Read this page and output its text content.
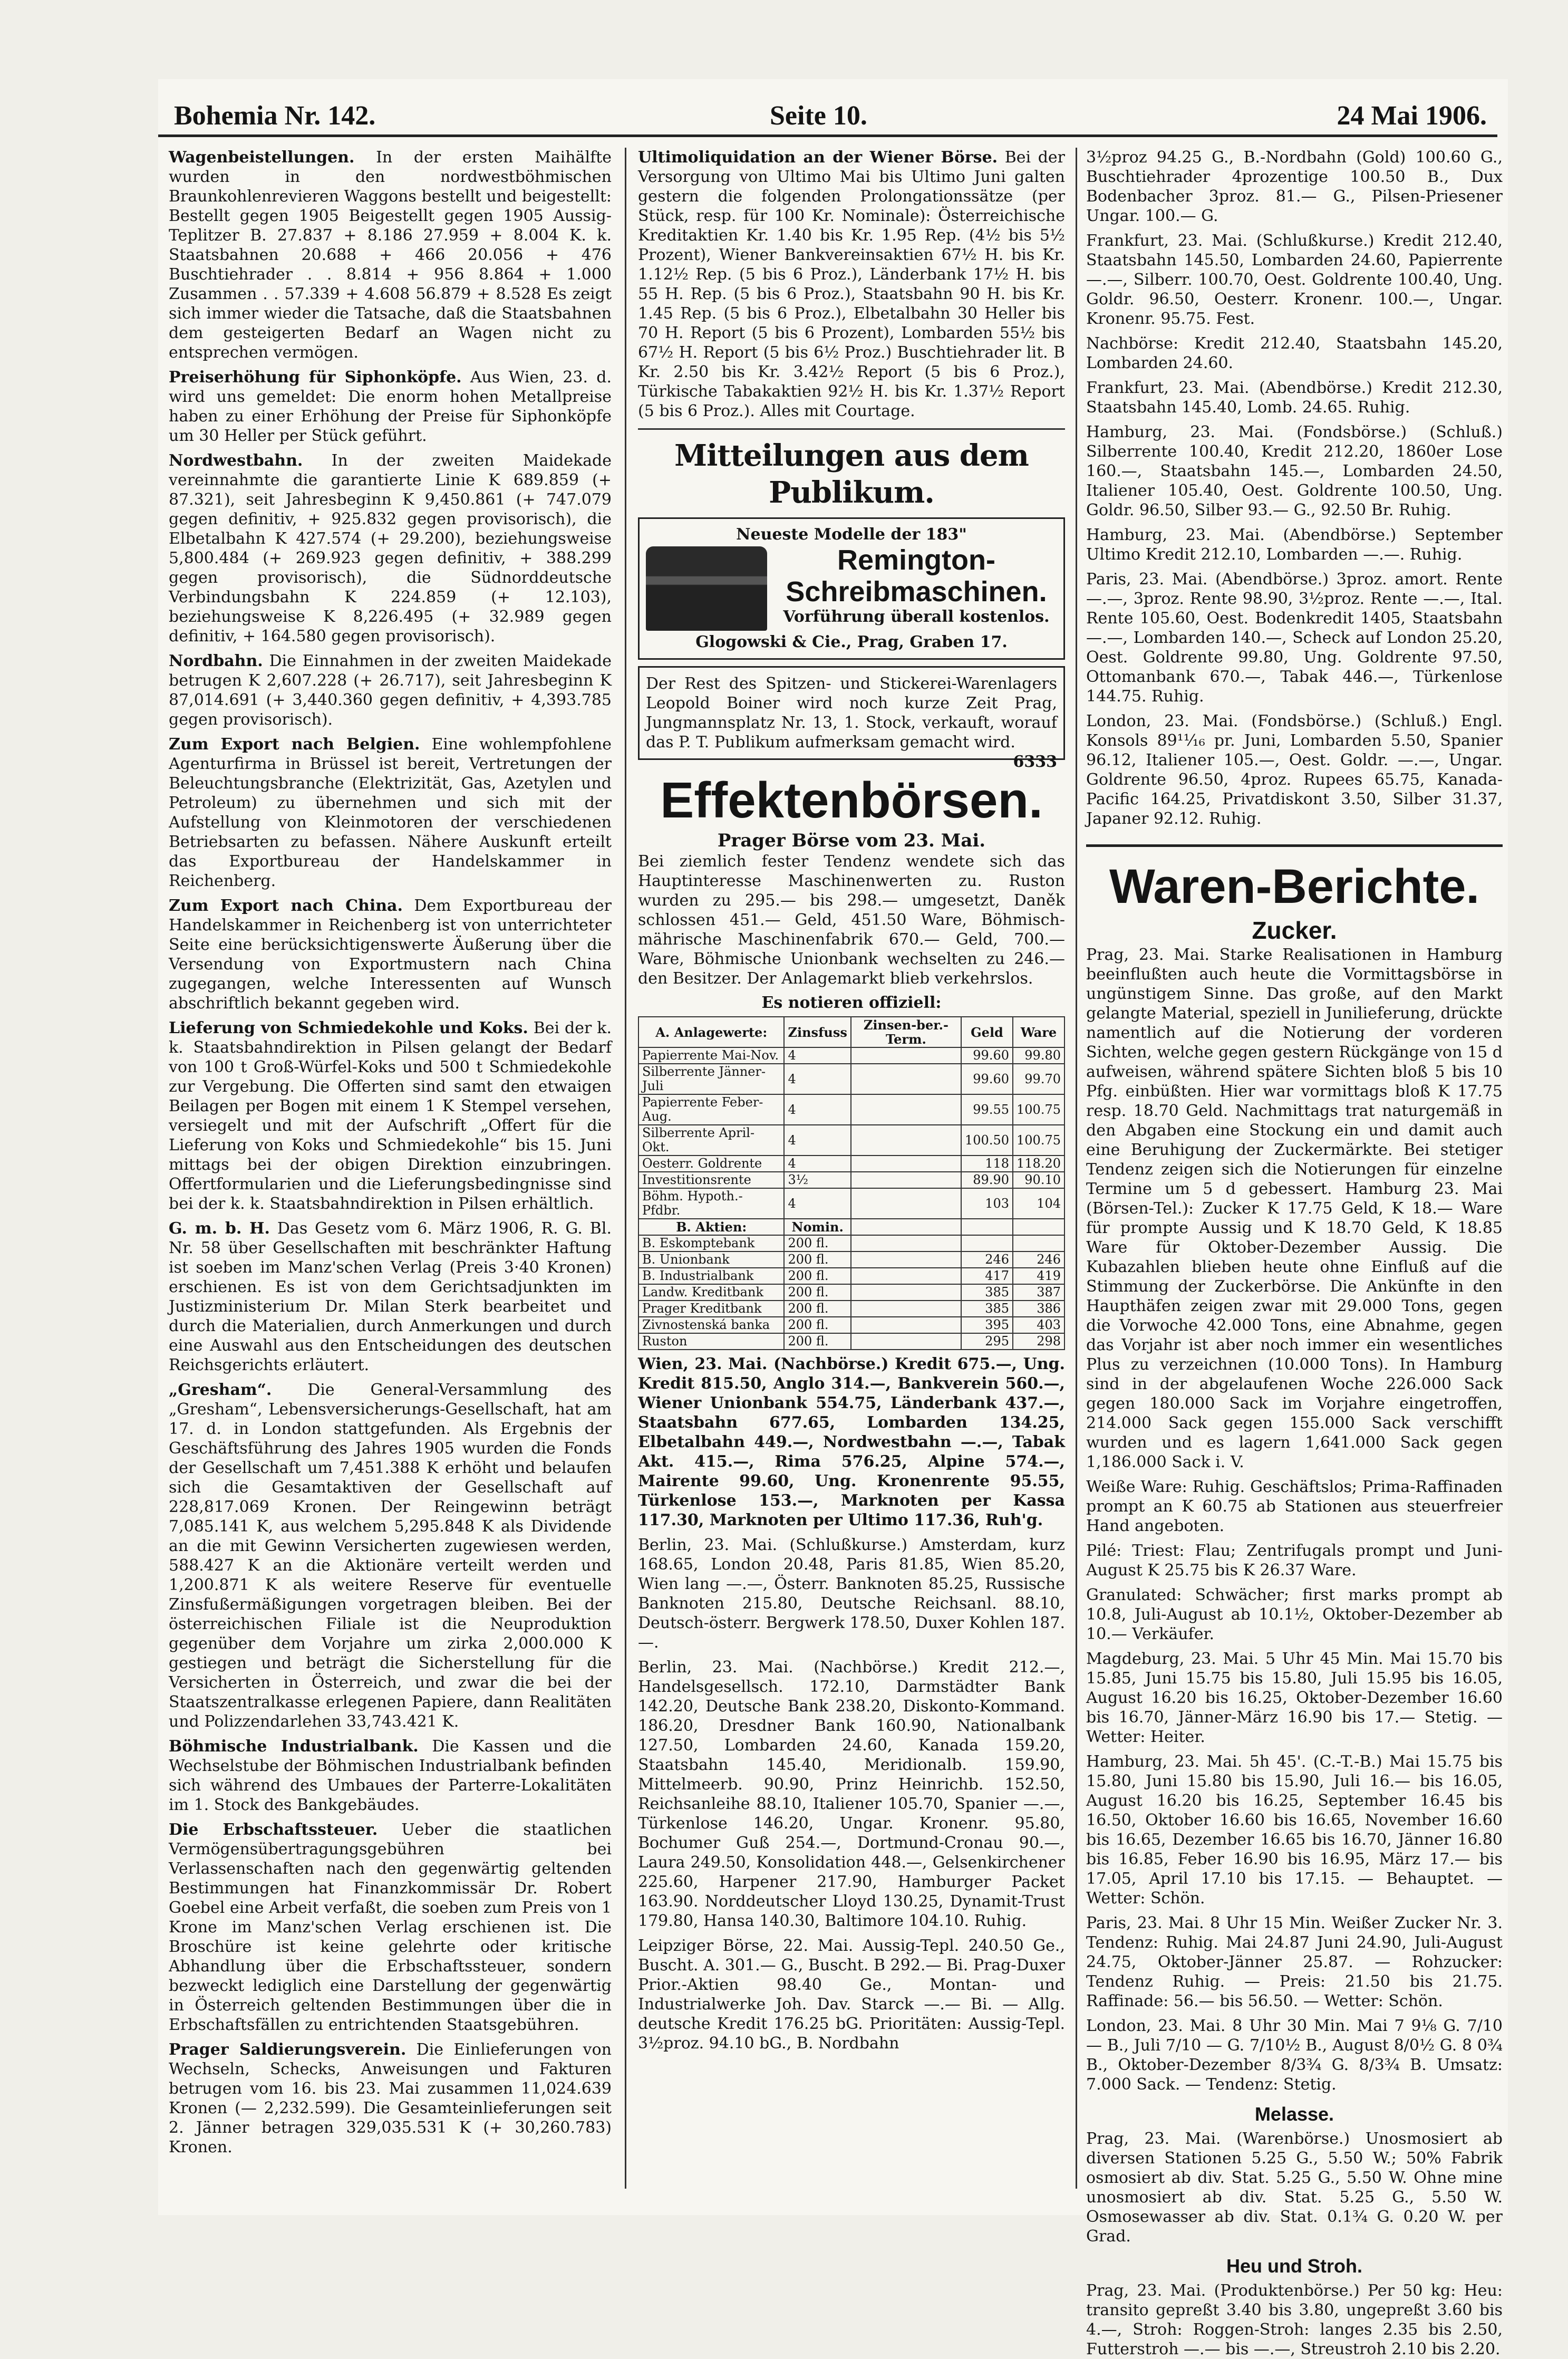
Bohemia Nr. 142.	Seite 10.	24 Mai 1906.
Wagenbeistellungen. In der ersten Maihälfte wurden in den nordwestböhmischen Braunkohlenrevieren Waggons bestellt und beigestellt: Bestellt gegen 1905 Beigestellt gegen 1905 Aussig-Teplitzer B. 27.837 + 8.186 27.959 + 8.004 K. k. Staatsbahnen 20.688 + 466 20.056 + 476 Buschtiehrader . . 8.814 + 956 8.864 + 1.000 Zusammen . . 57.339 + 4.608 56.879 + 8.528 Es zeigt sich immer wieder die Tatsache, daß die Staatsbahnen dem gesteigerten Bedarf an Wagen nicht zu entsprechen vermögen.
Preiserhöhung für Siphonköpfe. Aus Wien, 23. d. wird uns gemeldet: Die enorm hohen Metallpreise haben zu einer Erhöhung der Preise für Siphonköpfe um 30 Heller per Stück geführt.
Nordwestbahn. In der zweiten Maidekade vereinnahmte die garantierte Linie K 689.859 (+ 87.321), seit Jahresbeginn K 9,450.861 (+ 747.079 gegen definitiv, + 925.832 gegen provisorisch), die Elbetalbahn K 427.574 (+ 29.200), beziehungsweise 5,800.484 (+ 269.923 gegen definitiv, + 388.299 gegen provisorisch), die Südnorddeutsche Verbindungsbahn K 224.859 (+ 12.103), beziehungsweise K 8,226.495 (+ 32.989 gegen definitiv, + 164.580 gegen provisorisch).
Nordbahn. Die Einnahmen in der zweiten Maidekade betrugen K 2,607.228 (+ 26.717), seit Jahresbeginn K 87,014.691 (+ 3,440.360 gegen definitiv, + 4,393.785 gegen provisorisch).
Zum Export nach Belgien. Eine wohlempfohlene Agenturfirma in Brüssel ist bereit, Vertretungen der Beleuchtungsbranche (Elektrizität, Gas, Azetylen und Petroleum) zu übernehmen und sich mit der Aufstellung von Kleinmotoren der verschiedenen Betriebsarten zu befassen. Nähere Auskunft erteilt das Exportbureau der Handelskammer in Reichenberg.
Zum Export nach China. Dem Exportbureau der Handelskammer in Reichenberg ist von unterrichteter Seite eine berücksichtigenswerte Äußerung über die Versendung von Exportmustern nach China zugegangen, welche Interessenten auf Wunsch abschriftlich bekannt gegeben wird.
Lieferung von Schmiedekohle und Koks. Bei der k. k. Staatsbahndirektion in Pilsen gelangt der Bedarf von 100 t Groß-Würfel-Koks und 500 t Schmiedekohle zur Vergebung. Die Offerten sind samt den etwaigen Beilagen per Bogen mit einem 1 K Stempel versehen, versiegelt und mit der Aufschrift „Offert für die Lieferung von Koks und Schmiedekohle“ bis 15. Juni mittags bei der obigen Direktion einzubringen. Offertformularien und die Lieferungsbedingnisse sind bei der k. k. Staatsbahndirektion in Pilsen erhältlich.
G. m. b. H. Das Gesetz vom 6. März 1906, R. G. Bl. Nr. 58 über Gesellschaften mit beschränkter Haftung ist soeben im Manz'schen Verlag (Preis 3·40 Kronen) erschienen. Es ist von dem Gerichtsadjunkten im Justizministerium Dr. Milan Sterk bearbeitet und durch die Materialien, durch Anmerkungen und durch eine Auswahl aus den Entscheidungen des deutschen Reichsgerichts erläutert.
„Gresham“. Die General-Versammlung des „Gresham“, Lebensversicherungs-Gesellschaft, hat am 17. d. in London stattgefunden. Als Ergebnis der Geschäftsführung des Jahres 1905 wurden die Fonds der Gesellschaft um 7,451.388 K erhöht und belaufen sich die Gesamtaktiven der Gesellschaft auf 228,817.069 Kronen. Der Reingewinn beträgt 7,085.141 K, aus welchem 5,295.848 K als Dividende an die mit Gewinn Versicherten zugewiesen werden, 588.427 K an die Aktionäre verteilt werden und 1,200.871 K als weitere Reserve für eventuelle Zinsfußermäßigungen vorgetragen bleiben. Bei der österreichischen Filiale ist die Neuproduktion gegenüber dem Vorjahre um zirka 2,000.000 K gestiegen und beträgt die Sicherstellung für die Versicherten in Österreich, und zwar die bei der Staatszentralkasse erlegenen Papiere, dann Realitäten und Polizzendarlehen 33,743.421 K.
Böhmische Industrialbank. Die Kassen und die Wechselstube der Böhmischen Industrialbank befinden sich während des Umbaues der Parterre-Lokalitäten im 1. Stock des Bankgebäudes.
Die Erbschaftssteuer. Ueber die staatlichen Vermögensübertragungsgebühren bei Verlassenschaften nach den gegenwärtig geltenden Bestimmungen hat Finanzkommissär Dr. Robert Goebel eine Arbeit verfaßt, die soeben zum Preis von 1 Krone im Manz'schen Verlag erschienen ist. Die Broschüre ist keine gelehrte oder kritische Abhandlung über die Erbschaftssteuer, sondern bezweckt lediglich eine Darstellung der gegenwärtig in Österreich geltenden Bestimmungen über die in Erbschaftsfällen zu entrichtenden Staatsgebühren.
Prager Saldierungsverein. Die Einlieferungen von Wechseln, Schecks, Anweisungen und Fakturen betrugen vom 16. bis 23. Mai zusammen 11,024.639 Kronen (— 2,232.599). Die Gesamteinlieferungen seit 2. Jänner betragen 329,035.531 K (+ 30,260.783) Kronen.
Ultimoliquidation an der Wiener Börse. Bei der Versorgung von Ultimo Mai bis Ultimo Juni galten gestern die folgenden Prolongationssätze (per Stück, resp. für 100 Kr. Nominale): Österreichische Kreditaktien Kr. 1.40 bis Kr. 1.95 Rep. (4½ bis 5½ Prozent), Wiener Bankvereinsaktien 67½ H. bis Kr. 1.12½ Rep. (5 bis 6 Proz.), Länderbank 17½ H. bis 55 H. Rep. (5 bis 6 Proz.), Staatsbahn 90 H. bis Kr. 1.45 Rep. (5 bis 6 Proz.), Elbetalbahn 30 Heller bis 70 H. Report (5 bis 6 Prozent), Lombarden 55½ bis 67½ H. Report (5 bis 6½ Proz.) Buschtiehrader lit. B Kr. 2.50 bis Kr. 3.42½ Report (5 bis 6 Proz.), Türkische Tabakaktien 92½ H. bis Kr. 1.37½ Report (5 bis 6 Proz.). Alles mit Courtage.
Mitteilungen aus dem Publikum.
Neueste Modelle der 183"
Remington-Schreibmaschinen.
Vorführung überall kostenlos.
Glogowski & Cie., Prag, Graben 17.
Der Rest des Spitzen- und Stickerei-Warenlagers Leopold Boiner wird noch kurze Zeit Prag, Jungmannsplatz Nr. 13, 1. Stock, verkauft, worauf das P. T. Publikum aufmerksam gemacht wird.
6333
Effektenbörsen.
Prager Börse vom 23. Mai.
Bei ziemlich fester Tendenz wendete sich das Hauptinteresse Maschinenwerten zu. Ruston wurden zu 295.— bis 298.— umgesetzt, Daněk schlossen 451.— Geld, 451.50 Ware, Böhmisch-mährische Maschinenfabrik 670.— Geld, 700.— Ware, Böhmische Unionbank wechselten zu 246.— den Besitzer. Der Anlagemarkt blieb verkehrslos.
Es notieren offiziell:
A. Anlagewerte:	Zinsfuss	Zinsen-ber.-Term.	Geld	Ware
Papierrente Mai-Nov.	4		99.60	99.80
Silberrente Jänner-Juli	4		99.60	99.70
Papierrente Feber-Aug.	4		99.55	100.75
Silberrente April-Okt.	4		100.50	100.75
Oesterr. Goldrente	4		118	118.20
Investitionsrente	3½		89.90	90.10
Böhm. Hypoth.-Pfdbr.	4		103	104
B. Aktien:	Nomin.			
B. Eskomptebank	200 fl.			
B. Unionbank	200 fl.		246	246
B. Industrialbank	200 fl.		417	419
Landw. Kreditbank	200 fl.		385	387
Prager Kreditbank	200 fl.		385	386
Zivnostenská banka	200 fl.		395	403
Ruston	200 fl.		295	298
Wien, 23. Mai. (Nachbörse.) Kredit 675.—, Ung. Kredit 815.50, Anglo 314.—, Bankverein 560.—, Wiener Unionbank 554.75, Länderbank 437.—, Staatsbahn 677.65, Lombarden 134.25, Elbetalbahn 449.—, Nordwestbahn —.—, Tabak Akt. 415.—, Rima 576.25, Alpine 574.—, Mairente 99.60, Ung. Kronenrente 95.55, Türkenlose 153.—, Marknoten per Kassa 117.30, Marknoten per Ultimo 117.36, Ruh'g.
Berlin, 23. Mai. (Schlußkurse.) Amsterdam, kurz 168.65, London 20.48, Paris 81.85, Wien 85.20, Wien lang —.—, Österr. Banknoten 85.25, Russische Banknoten 215.80, Deutsche Reichsanl. 88.10, Deutsch-österr. Bergwerk 178.50, Duxer Kohlen 187.—.
Berlin, 23. Mai. (Nachbörse.) Kredit 212.—, Handelsgesellsch. 172.10, Darmstädter Bank 142.20, Deutsche Bank 238.20, Diskonto-Kommand. 186.20, Dresdner Bank 160.90, Nationalbank 127.50, Lombarden 24.60, Kanada 159.20, Staatsbahn 145.40, Meridionalb. 159.90, Mittelmeerb. 90.90, Prinz Heinrichb. 152.50, Reichsanleihe 88.10, Italiener 105.70, Spanier —.—, Türkenlose 146.20, Ungar. Kronenr. 95.80, Bochumer Guß 254.—, Dortmund-Cronau 90.—, Laura 249.50, Konsolidation 448.—, Gelsenkirchener 225.60, Harpener 217.90, Hamburger Packet 163.90. Norddeutscher Lloyd 130.25, Dynamit-Trust 179.80, Hansa 140.30, Baltimore 104.10. Ruhig.
Leipziger Börse, 22. Mai. Aussig-Tepl. 240.50 Ge., Buscht. A. 301.— G., Buscht. B 292.— Bi. Prag-Duxer Prior.-Aktien 98.40 Ge., Montan- und Industrialwerke Joh. Dav. Starck —.— Bi. — Allg. deutsche Kredit 176.25 bG. Prioritäten: Aussig-Tepl. 3½proz. 94.10 bG., B. Nordbahn
3½proz 94.25 G., B.-Nordbahn (Gold) 100.60 G., Buschtiehrader 4prozentige 100.50 B., Dux Bodenbacher 3proz. 81.— G., Pilsen-Priesener Ungar. 100.— G.
Frankfurt, 23. Mai. (Schlußkurse.) Kredit 212.40, Staatsbahn 145.50, Lombarden 24.60, Papierrente —.—, Silberr. 100.70, Oest. Goldrente 100.40, Ung. Goldr. 96.50, Oesterr. Kronenr. 100.—, Ungar. Kronenr. 95.75. Fest.
Nachbörse: Kredit 212.40, Staatsbahn 145.20, Lombarden 24.60.
Frankfurt, 23. Mai. (Abendbörse.) Kredit 212.30, Staatsbahn 145.40, Lomb. 24.65. Ruhig.
Hamburg, 23. Mai. (Fondsbörse.) (Schluß.) Silberrente 100.40, Kredit 212.20, 1860er Lose 160.—, Staatsbahn 145.—, Lombarden 24.50, Italiener 105.40, Oest. Goldrente 100.50, Ung. Goldr. 96.50, Silber 93.— G., 92.50 Br. Ruhig.
Hamburg, 23. Mai. (Abendbörse.) September Ultimo Kredit 212.10, Lombarden —.—. Ruhig.
Paris, 23. Mai. (Abendbörse.) 3proz. amort. Rente —.—, 3proz. Rente 98.90, 3½proz. Rente —.—, Ital. Rente 105.60, Oest. Bodenkredit 1405, Staatsbahn —.—, Lombarden 140.—, Scheck auf London 25.20, Oest. Goldrente 99.80, Ung. Goldrente 97.50, Ottomanbank 670.—, Tabak 446.—, Türkenlose 144.75. Ruhig.
London, 23. Mai. (Fondsbörse.) (Schluß.) Engl. Konsols 89¹¹⁄₁₆ pr. Juni, Lombarden 5.50, Spanier 96.12, Italiener 105.—, Oest. Goldr. —.—, Ungar. Goldrente 96.50, 4proz. Rupees 65.75, Kanada-Pacific 164.25, Privatdiskont 3.50, Silber 31.37, Japaner 92.12. Ruhig.
Waren-Berichte.
Zucker.
Prag, 23. Mai. Starke Realisationen in Hamburg beeinflußten auch heute die Vormittagsbörse in ungünstigem Sinne. Das große, auf den Markt gelangte Material, speziell in Junilieferung, drückte namentlich auf die Notierung der vorderen Sichten, welche gegen gestern Rückgänge von 15 d aufweisen, während spätere Sichten bloß 5 bis 10 Pfg. einbüßten. Hier war vormittags bloß K 17.75 resp. 18.70 Geld. Nachmittags trat naturgemäß in den Abgaben eine Stockung ein und damit auch eine Beruhigung der Zuckermärkte. Bei stetiger Tendenz zeigen sich die Notierungen für einzelne Termine um 5 d gebessert. Hamburg 23. Mai (Börsen-Tel.): Zucker K 17.75 Geld, K 18.— Ware für prompte Aussig und K 18.70 Geld, K 18.85 Ware für Oktober-Dezember Aussig. Die Kubazahlen blieben heute ohne Einfluß auf die Stimmung der Zuckerbörse. Die Ankünfte in den Haupthäfen zeigen zwar mit 29.000 Tons, gegen die Vorwoche 42.000 Tons, eine Abnahme, gegen das Vorjahr ist aber noch immer ein wesentliches Plus zu verzeichnen (10.000 Tons). In Hamburg sind in der abgelaufenen Woche 226.000 Sack gegen 180.000 Sack im Vorjahre eingetroffen, 214.000 Sack gegen 155.000 Sack verschifft wurden und es lagern 1,641.000 Sack gegen 1,186.000 Sack i. V.
Weiße Ware: Ruhig. Geschäftslos; Prima-Raffinaden prompt an K 60.75 ab Stationen aus steuerfreier Hand angeboten.
Pilé: Triest: Flau; Zentrifugals prompt und Juni-August K 25.75 bis K 26.37 Ware.
Granulated: Schwächer; first marks prompt ab 10.8, Juli-August ab 10.1½, Oktober-Dezember ab 10.— Verkäufer.
Magdeburg, 23. Mai. 5 Uhr 45 Min. Mai 15.70 bis 15.85, Juni 15.75 bis 15.80, Juli 15.95 bis 16.05, August 16.20 bis 16.25, Oktober-Dezember 16.60 bis 16.70, Jänner-März 16.90 bis 17.— Stetig. — Wetter: Heiter.
Hamburg, 23. Mai. 5h 45'. (C.-T.-B.) Mai 15.75 bis 15.80, Juni 15.80 bis 15.90, Juli 16.— bis 16.05, August 16.20 bis 16.25, September 16.45 bis 16.50, Oktober 16.60 bis 16.65, November 16.60 bis 16.65, Dezember 16.65 bis 16.70, Jänner 16.80 bis 16.85, Feber 16.90 bis 16.95, März 17.— bis 17.05, April 17.10 bis 17.15. — Behauptet. — Wetter: Schön.
Paris, 23. Mai. 8 Uhr 15 Min. Weißer Zucker Nr. 3. Tendenz: Ruhig. Mai 24.87 Juni 24.90, Juli-August 24.75, Oktober-Jänner 25.87. — Rohzucker: Tendenz Ruhig. — Preis: 21.50 bis 21.75. Raffinade: 56.— bis 56.50. — Wetter: Schön.
London, 23. Mai. 8 Uhr 30 Min. Mai 7 9⅛ G. 7/10 — B., Juli 7/10 — G. 7/10½ B., August 8/0½ G. 8 0¾ B., Oktober-Dezember 8/3¾ G. 8/3¾ B. Umsatz: 7.000 Sack. — Tendenz: Stetig.
Melasse.
Prag, 23. Mai. (Warenbörse.) Unosmosiert ab diversen Stationen 5.25 G., 5.50 W.; 50% Fabrik osmosiert ab div. Stat. 5.25 G., 5.50 W. Ohne mine unosmosiert ab div. Stat. 5.25 G., 5.50 W. Osmosewasser ab div. Stat. 0.1¾ G. 0.20 W. per Grad.
Heu und Stroh.
Prag, 23. Mai. (Produktenbörse.) Per 50 kg: Heu: transito gepreßt 3.40 bis 3.80, ungepreßt 3.60 bis 4.—, Stroh: Roggen-Stroh: langes 2.35 bis 2.50, Futterstroh —.— bis —.—, Streustroh 2.10 bis 2.20.
